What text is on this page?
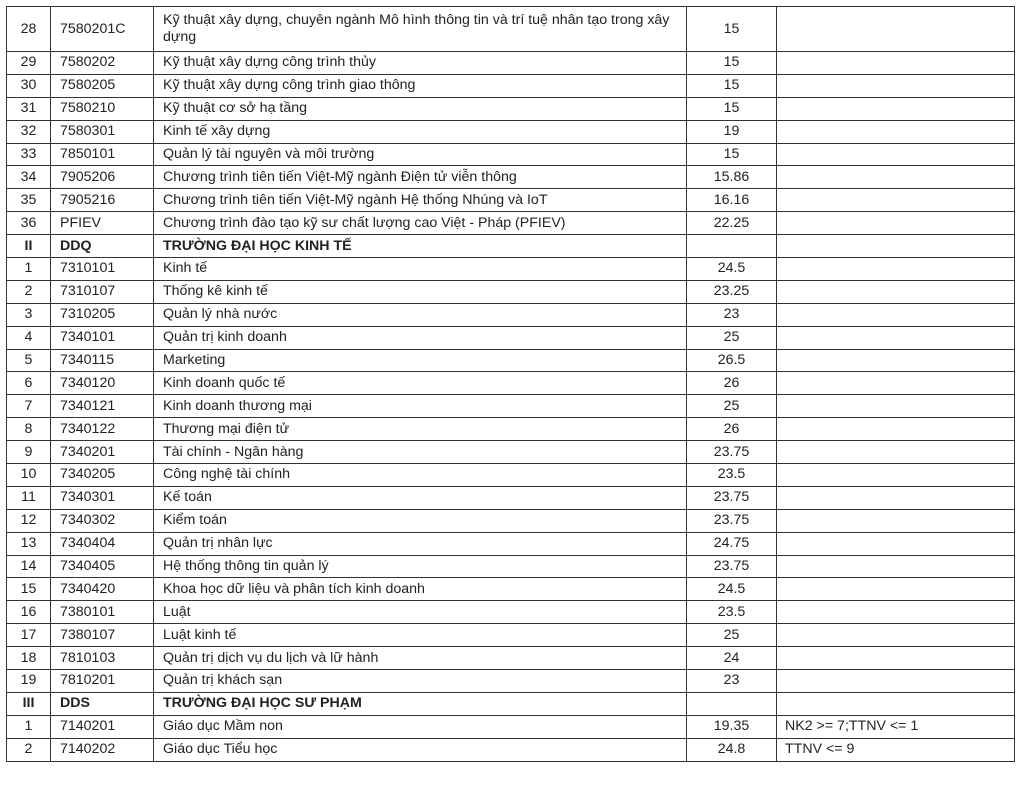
28	7580201C	Kỹ thuật xây dựng, chuyên ngành Mô hình thông tin và trí tuệ nhân tạo trong xây dựng	15	
29	7580202	Kỹ thuật xây dựng công trình thủy	15	
30	7580205	Kỹ thuật xây dựng công trình giao thông	15	
31	7580210	Kỹ thuật cơ sở hạ tầng	15	
32	7580301	Kinh tế xây dựng	19	
33	7850101	Quản lý tài nguyên và môi trường	15	
34	7905206	Chương trình tiên tiến Việt-Mỹ ngành Điện tử viễn thông	15.86	
35	7905216	Chương trình tiên tiến Việt-Mỹ ngành Hệ thống Nhúng và IoT	16.16	
36	PFIEV	Chương trình đào tạo kỹ sư chất lượng cao Việt - Pháp (PFIEV)	22.25	
II	DDQ	TRƯỜNG ĐẠI HỌC KINH TẾ		
1	7310101	Kinh tế	24.5	
2	7310107	Thống kê kinh tế	23.25	
3	7310205	Quản lý nhà nước	23	
4	7340101	Quản trị kinh doanh	25	
5	7340115	Marketing	26.5	
6	7340120	Kinh doanh quốc tế	26	
7	7340121	Kinh doanh thương mại	25	
8	7340122	Thương mại điện tử	26	
9	7340201	Tài chính - Ngân hàng	23.75	
10	7340205	Công nghệ tài chính	23.5	
11	7340301	Kế toán	23.75	
12	7340302	Kiểm toán	23.75	
13	7340404	Quản trị nhân lực	24.75	
14	7340405	Hệ thống thông tin quản lý	23.75	
15	7340420	Khoa học dữ liệu và phân tích kinh doanh	24.5	
16	7380101	Luật	23.5	
17	7380107	Luật kinh tế	25	
18	7810103	Quản trị dịch vụ du lịch và lữ hành	24	
19	7810201	Quản trị khách sạn	23	
III	DDS	TRƯỜNG ĐẠI HỌC SƯ PHẠM		
1	7140201	Giáo dục Mầm non	19.35	NK2 >= 7;TTNV <= 1
2	7140202	Giáo dục Tiểu học	24.8	TTNV <= 9
